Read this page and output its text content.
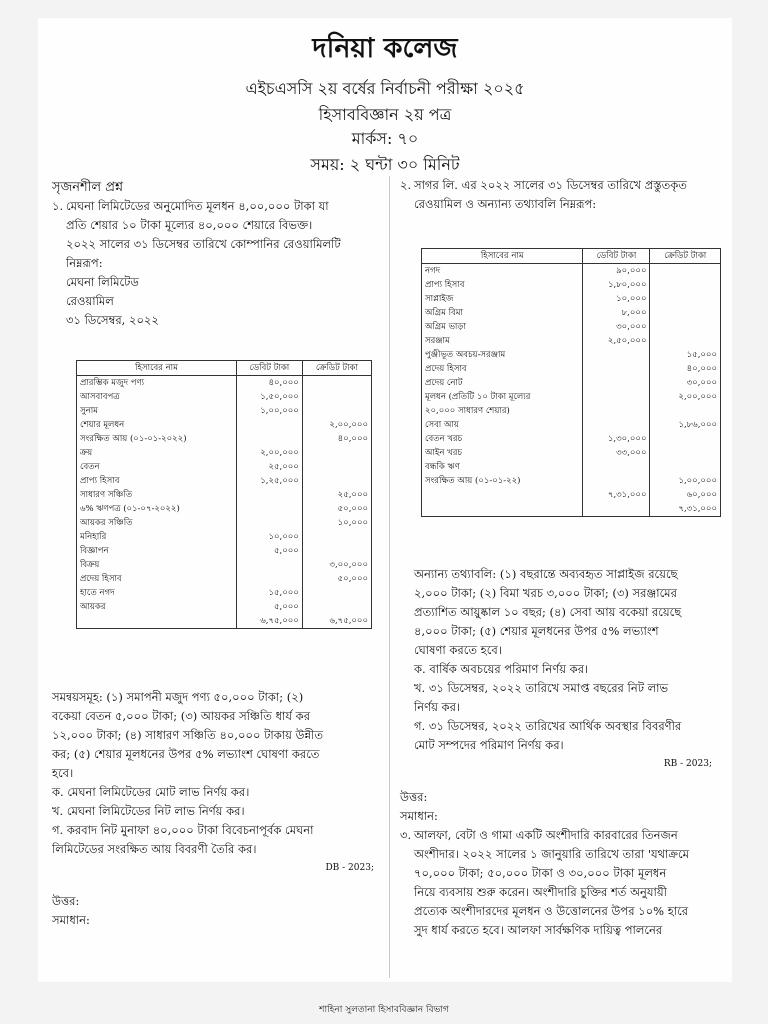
দনিয়া কলেজ
এইচএসসি ২য় বর্ষের নির্বাচনী পরীক্ষা ২০২৫
হিসাববিজ্ঞান ২য় পত্র
মার্কস: ৭০
সময়: ২ ঘন্টা ৩০ মিনিট
সৃজনশীল প্রশ্ন
১. মেঘনা লিমিটেডের অনুমোদিত মূলধন ৪,০০,০০০ টাকা যা
প্রতি শেয়ার ১০ টাকা মূল্যের ৪০,০০০ শেয়ারে বিভক্ত।
২০২২ সালের ৩১ ডিসেম্বর তারিখে কোম্পানির রেওয়ামিলটি
নিম্নরূপ:
মেঘনা লিমিটেড
রেওয়ামিল
৩১ ডিসেম্বর, ২০২২
হিসাবের নাম	ডেবিট টাকা	ক্রেডিট টাকা
প্রারম্ভিক মজুদ পণ্য	৪০,০০০	
আসবাবপত্র	১,৫০,০০০	
সুনাম	১,০০,০০০	
শেয়ার মূলধন		২,০০,০০০
সংরক্ষিত আয় (০১-০১-২০২২)		৪০,০০০
ক্রয়	২,০০,০০০	
বেতন	২৫,০০০	
প্রাপ্য হিসাব	১,২৫,০০০	
সাধারণ সঞ্চিতি		২৫,০০০
৬% ঋণপত্র (০১-০৭-২০২২)		৫০,০০০
আয়কর সঞ্চিতি		১০,০০০
মনিহারি	১০,০০০	
বিজ্ঞাপন	৫,০০০	
বিক্রয়		৩,০০,০০০
প্রদেয় হিসাব		৫০,০০০
হাতে নগদ	১৫,০০০	
আয়কর	৫,০০০	
	৬,৭৫,০০০	৬,৭৫,০০০
সমন্বয়সমূহ: (১) সমাপনী মজুদ পণ্য ৫০,০০০ টাকা; (২)
বকেয়া বেতন ৫,০০০ টাকা; (৩) আয়কর সঞ্চিতি ধার্য কর
১২,০০০ টাকা; (৪) সাধারণ সঞ্চিতি ৪০,০০০ টাকায় উন্নীত
কর; (৫) শেয়ার মূলধনের উপর ৫% লভ্যাংশ ঘোষণা করতে
হবে।
ক. মেঘনা লিমিটেডের মোট লাভ নির্ণয় কর।
খ. মেঘনা লিমিটেডের নিট লাভ নির্ণয় কর।
গ. করবাদ নিট মুনাফা ৪০,০০০ টাকা বিবেচনাপূর্বক মেঘনা
লিমিটেডের সংরক্ষিত আয় বিবরণী তৈরি কর।
DB - 2023;
উত্তর:
সমাধান:
২. সাগর লি. এর ২০২২ সালের ৩১ ডিসেম্বর তারিখে প্রস্তুতকৃত
রেওয়ামিল ও অন্যান্য তথ্যাবলি নিম্নরূপ:
হিসাবের নাম	ডেবিট টাকা	ক্রেডিট টাকা
নগদ	৯০,০০০	
প্রাপ্য হিসাব	১,৮০,০০০	
সাপ্লাইজ	১০,০০০	
অগ্রিম বিমা	৮,০০০	
অগ্রিম ভাড়া	৩০,০০০	
সরঞ্জাম	২,৫০,০০০	
পুঞ্জীভূত অবচয়-সরঞ্জাম		১৫,০০০
প্রদেয় হিসাব		৪০,০০০
প্রদেয় নোট		৩০,০০০
মূলধন (প্রতিটি ১০ টাকা মূল্যের		২,০০,০০০
২০,০০০ সাধারণ শেয়ার)		
সেবা আয়		১,৮৬,০০০
বেতন খরচ	১,৩০,০০০	
আইন খরচ	৩৩,০০০	
বন্ধকি ঋণ		
সংরক্ষিত আয় (০১-০১-২২)		১,০০,০০০
	৭,৩১,০০০	৬০,০০০
		৭,৩১,০০০
অন্যান্য তথ্যাবলি: (১) বছরান্তে অব্যবহৃত সাপ্লাইজ রয়েছে
২,০০০ টাকা; (২) বিমা খরচ ৩,০০০ টাকা; (৩) সরঞ্জামের
প্রত্যাশিত আয়ুষ্কাল ১০ বছর; (৪) সেবা আয় বকেয়া রয়েছে
৪,০০০ টাকা; (৫) শেয়ার মূলধনের উপর ৫% লভ্যাংশ
ঘোষণা করতে হবে।
ক. বার্ষিক অবচয়ের পরিমাণ নির্ণয় কর।
খ. ৩১ ডিসেম্বর, ২০২২ তারিখে সমাপ্ত বছরের নিট লাভ
নির্ণয় কর।
গ. ৩১ ডিসেম্বর, ২০২২ তারিখের আর্থিক অবস্থার বিবরণীর
মোট সম্পদের পরিমাণ নির্ণয় কর।
RB - 2023;
উত্তর:
সমাধান:
৩. আলফা, বেটা ও গামা একটি অংশীদারি কারবারের তিনজন
অংশীদার। ২০২২ সালের ১ জানুয়ারি তারিখে তারা 'যথাক্রমে
৭০,০০০ টাকা; ৫০,০০০ টাকা ও ৩০,০০০ টাকা মূলধন
নিয়ে ব্যবসায় শুরু করেন। অংশীদারি চুক্তির শর্ত অনুযায়ী
প্রত্যেক অংশীদারদের মূলধন ও উত্তোলনের উপর ১০% হারে
সুদ ধার্য করতে হবে। আলফা সার্বক্ষণিক দায়িত্ব পালনের
শাহিনা সুলতানা হিসাববিজ্ঞান বিভাগ
